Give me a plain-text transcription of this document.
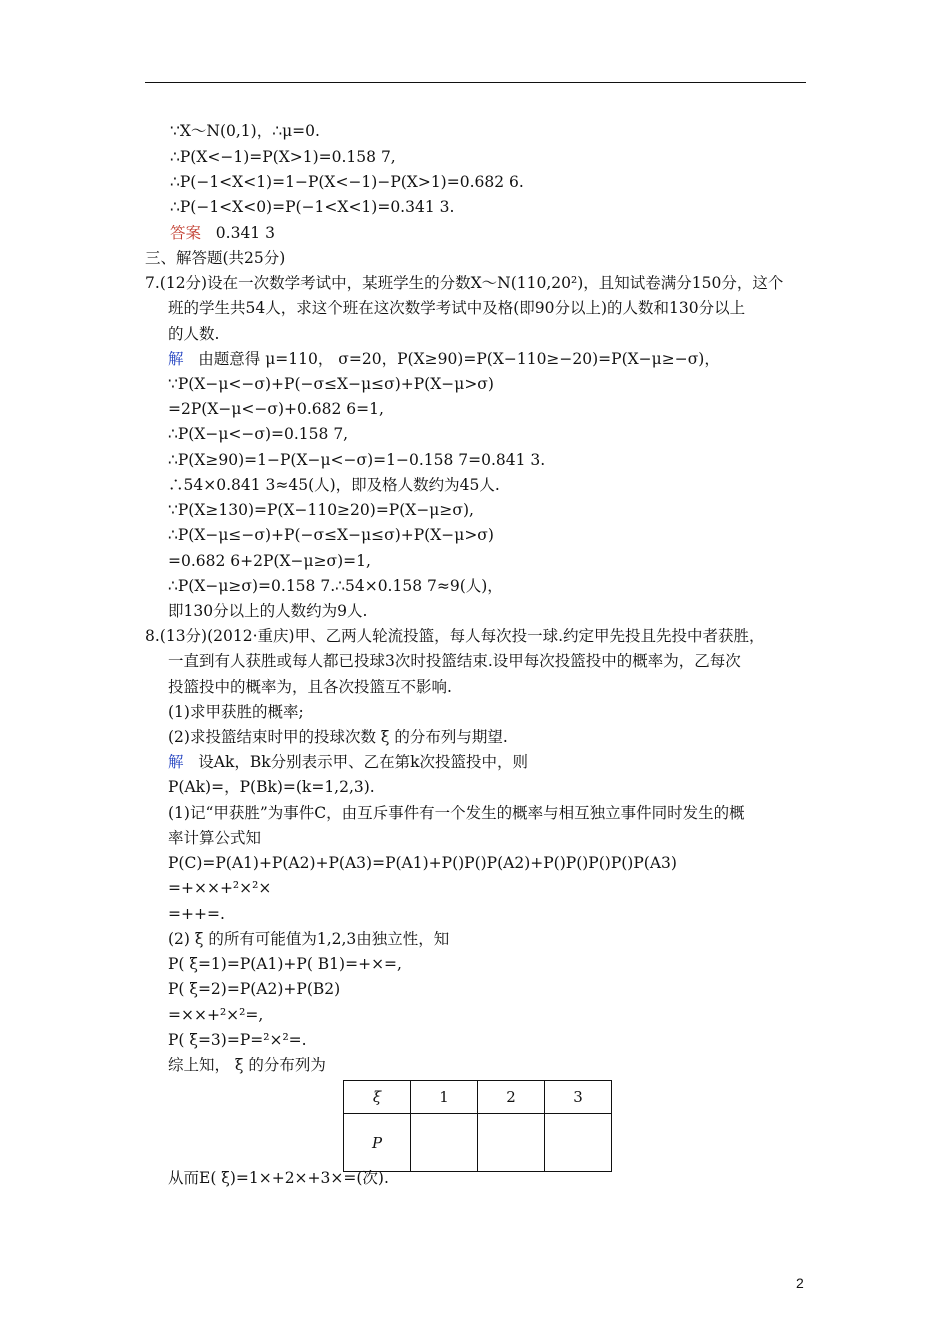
∵X～N(0,1)，∴μ=0.
∴P(X<−1)=P(X>1)=0.158 7,
∴P(−1<X<1)=1−P(X<−1)−P(X>1)=0.682 6.
∴P(−1<X<0)=P(−1<X<1)=0.341 3.
答案 0.341 3
三、解答题(共25分)
7.(12分)设在一次数学考试中，某班学生的分数X～N(110,20²)，且知试卷满分150分，这个
班的学生共54人，求这个班在这次数学考试中及格(即90分以上)的人数和130分以上
的人数.
解 由题意得 μ=110， σ=20，P(X≥90)=P(X−110≥−20)=P(X−μ≥−σ)，
∵P(X−μ<−σ)+P(−σ≤X−μ≤σ)+P(X−μ>σ)
=2P(X−μ<−σ)+0.682 6=1,
∴P(X−μ<−σ)=0.158 7,
∴P(X≥90)=1−P(X−μ<−σ)=1−0.158 7=0.841 3.
∴54×0.841 3≈45(人)，即及格人数约为45人.
∵P(X≥130)=P(X−110≥20)=P(X−μ≥σ),
∴P(X−μ≤−σ)+P(−σ≤X−μ≤σ)+P(X−μ>σ)
=0.682 6+2P(X−μ≥σ)=1,
∴P(X−μ≥σ)=0.158 7.∴54×0.158 7≈9(人)，
即130分以上的人数约为9人.
8.(13分)(2012·重庆)甲、乙两人轮流投篮，每人每次投一球.约定甲先投且先投中者获胜，
一直到有人获胜或每人都已投球3次时投篮结束.设甲每次投篮投中的概率为，乙每次
投篮投中的概率为，且各次投篮互不影响.
(1)求甲获胜的概率;
(2)求投篮结束时甲的投球次数 ξ 的分布列与期望.
解 设Ak，Bk分别表示甲、乙在第k次投篮投中，则
P(Ak)=，P(Bk)=(k=1,2,3).
(1)记“甲获胜”为事件C，由互斥事件有一个发生的概率与相互独立事件同时发生的概
率计算公式知
P(C)=P(A1)+P(A2)+P(A3)=P(A1)+P()P()P(A2)+P()P()P()P()P(A3)
=+××+²×²×
=++=.
(2) ξ 的所有可能值为1,2,3由独立性，知
P( ξ=1)=P(A1)+P( B1)=+×=,
P( ξ=2)=P(A2)+P(B2)
=××+²×²=,
P( ξ=3)=P=²×²=.
综上知， ξ 的分布列为
ξ	1	2	3
P			
从而E( ξ)=1×+2×+3×=(次).
2
